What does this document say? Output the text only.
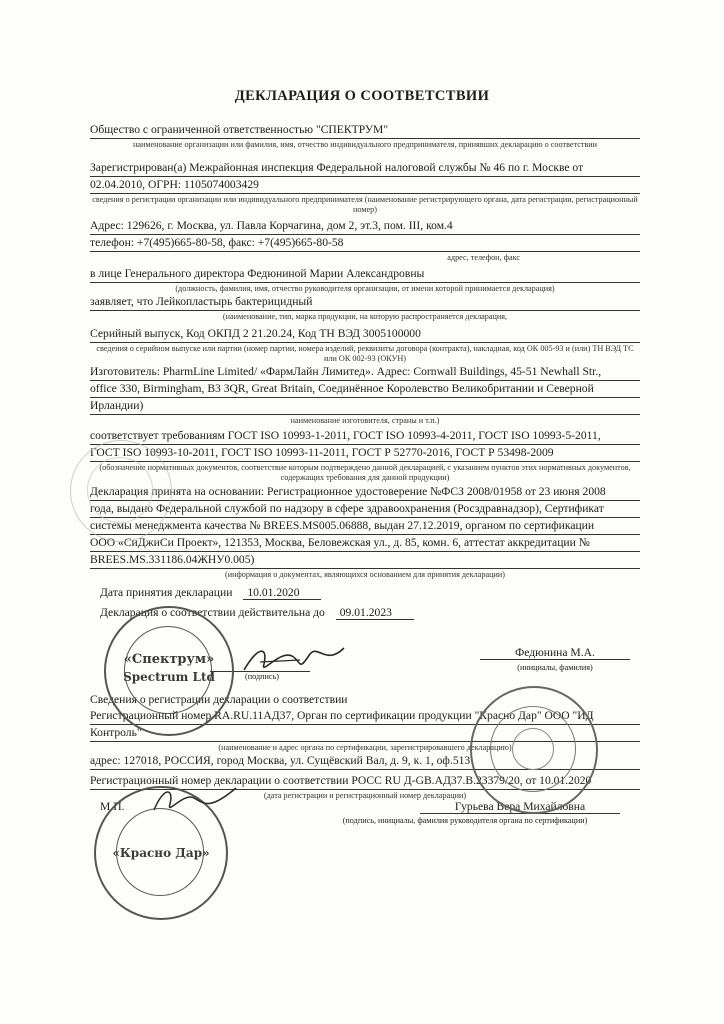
ДЕКЛАРАЦИЯ О СООТВЕТСТВИИ
Общество с ограниченной ответственностью "СПЕКТРУМ"
наименование организации или фамилия, имя, отчество индивидуального предпринимателя, принявших декларацию о соответствии
Зарегистрирован(а) Межрайонная инспекция Федеральной налоговой службы № 46 по г. Москве от
02.04.2010, ОГРН: 1105074003429
сведения о регистрации организации или индивидуального предпринимателя (наименование регистрирующего органа, дата регистрации, регистрационный номер)
Адрес: 129626, г. Москва, ул. Павла Корчагина, дом 2, эт.3, пом. III, ком.4
телефон: +7(495)665-80-58, факс: +7(495)665-80-58
адрес, телефон, факс
в лице Генерального директора Федюниной Марии Александровны
(должность, фамилия, имя, отчество руководителя организации, от имени которой принимается декларация)
заявляет, что Лейкопластырь бактерицидный
(наименование, тип, марка продукции, на которую распространяется декларация,
Серийный выпуск, Код ОКПД 2 21.20.24, Код ТН ВЭД 3005100000
сведения о серийном выпуске или партии (номер партии, номера изделий, реквизиты договора (контракта), накладная, код ОК 005-93 и (или) ТН ВЭД ТС или ОК 002-93 (ОКУН)
Изготовитель: PharmLine Limited/ «ФармЛайн Лимитед». Адрес: Cornwall Buildings, 45-51 Newhall Str.,
office 330, Birmingham, B3 3QR, Great Britain, Соединённое Королевство Великобритании и Северной
Ирландии)
наименование изготовителя, страны и т.п.)
соответствует требованиям ГОСТ ISO 10993-1-2011, ГОСТ ISO 10993-4-2011, ГОСТ ISO 10993-5-2011,
ГОСТ ISO 10993-10-2011, ГОСТ ISO 10993-11-2011, ГОСТ Р 52770-2016, ГОСТ Р 53498-2009
(обозначение нормативных документов, соответствие которым подтверждено данной декларацией, с указанием пунктов этих нормативных документов, содержащих требования для данной продукции)
Декларация принята на основании: Регистрационное удостоверение №ФСЗ 2008/01958 от 23 июня 2008
года, выдано Федеральной службой по надзору в сфере здравоохранения (Росздравнадзор), Сертификат
системы менеджмента качества № BREES.MS005.06888, выдан 27.12.2019, органом по сертификации
ООО «СиДжиСи Проект», 121353, Москва, Беловежская ул., д. 85, комн. 6, аттестат аккредитации №
BREES.MS.331186.04ЖНУ0.005)
(информация о документах, являющихся основанием для принятия декларации)
Дата принятия декларации 10.01.2020
Декларация о соответствии действительна до 09.01.2023
Федюнина М.А.
(инициалы, фамилия)
(подпись)
Сведения о регистрации декларации о соответствии
Регистрационный номер RA.RU.11АД37, Орган по сертификации продукции "Красно Дар" ООО "ИД
Контроль"
(наименование и адрес органа по сертификации, зарегистрировавшего декларацию)
адрес: 127018, РОССИЯ, город Москва, ул. Сущёвский Вал, д. 9, к. 1, оф.513
Регистрационный номер декларации о соответствии РОСС RU Д-GB.АД37.В.23379/20, от 10.01.2020
(дата регистрации и регистрационный номер декларации)
М.П.	Гурьева Вера Михайловна
(подпись, инициалы, фамилия руководителя органа по сертификации)
«Спектрум»
Spectrum Ltd
«Красно Дар»
